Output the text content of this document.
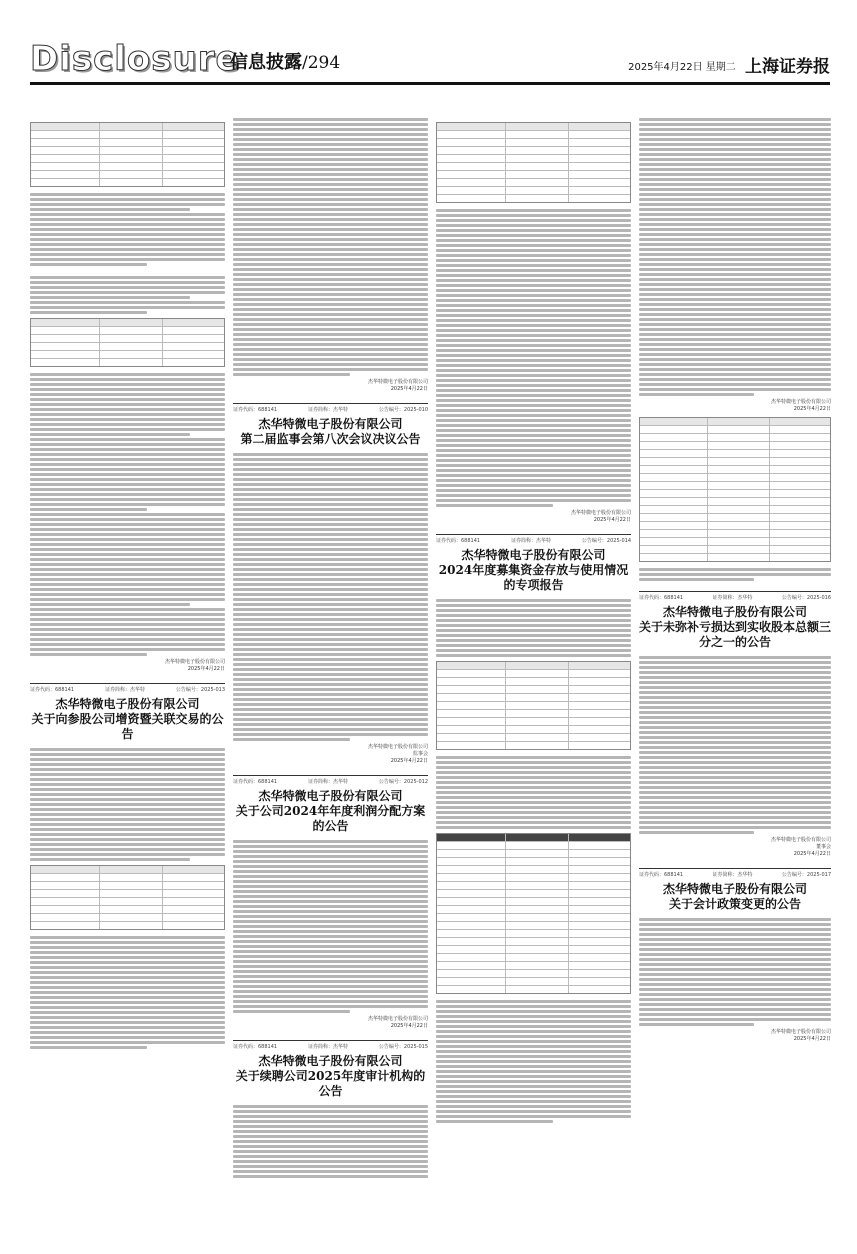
Disclosure
信息披露/294	2025年4月22日 星期二 上海证券报
杰华特微电子股份有限公司
2025年4月22日
证券代码：688141	证券简称：杰华特	公告编号：2025-013
杰华特微电子股份有限公司
关于向参股公司增资暨关联交易的公告
杰华特微电子股份有限公司
2025年4月22日
证券代码：688141	证券简称：杰华特	公告编号：2025-010
杰华特微电子股份有限公司
第二届监事会第八次会议决议公告
杰华特微电子股份有限公司
监事会
2025年4月22日
证券代码：688141	证券简称：杰华特	公告编号：2025-012
杰华特微电子股份有限公司
关于公司2024年年度利润分配方案的公告
杰华特微电子股份有限公司
2025年4月22日
证券代码：688141	证券简称：杰华特	公告编号：2025-015
杰华特微电子股份有限公司
关于续聘公司2025年度审计机构的公告
杰华特微电子股份有限公司
2025年4月22日
证券代码：688141	证券简称：杰华特	公告编号：2025-014
杰华特微电子股份有限公司
2024年度募集资金存放与使用情况的专项报告
杰华特微电子股份有限公司
2025年4月22日
证券代码：688141	证券简称：杰华特	公告编号：2025-016
杰华特微电子股份有限公司
关于未弥补亏损达到实收股本总额三分之一的公告
杰华特微电子股份有限公司
董事会
2025年4月22日
证券代码：688141	证券简称：杰华特	公告编号：2025-017
杰华特微电子股份有限公司
关于会计政策变更的公告
杰华特微电子股份有限公司
2025年4月22日
